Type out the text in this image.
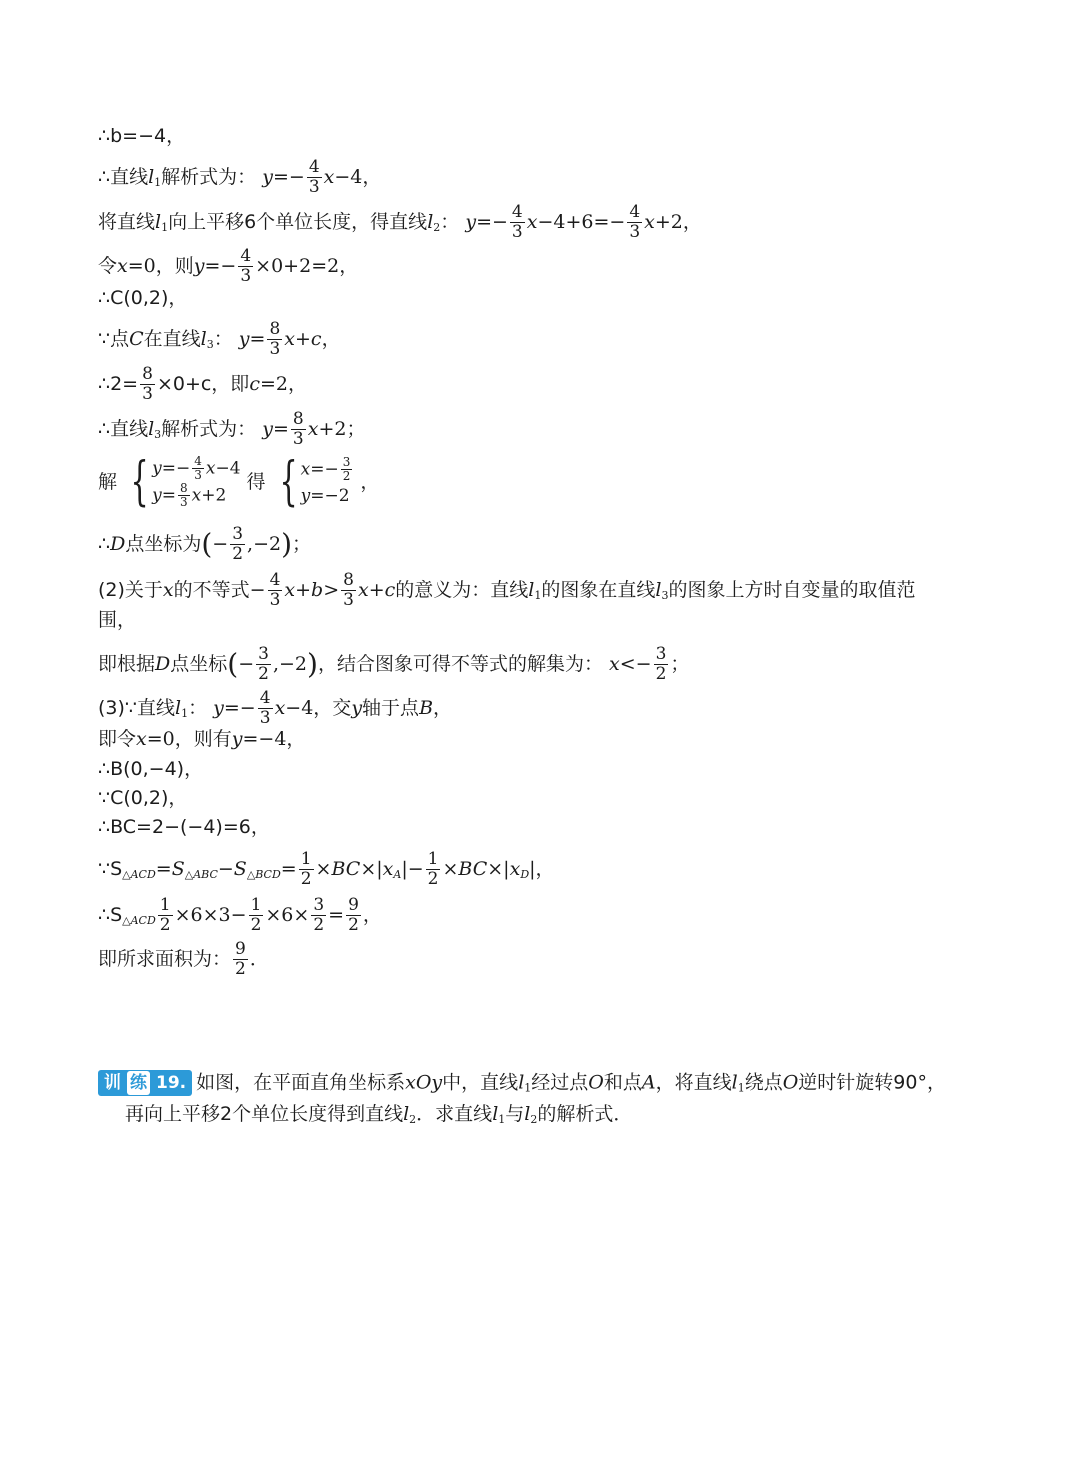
∴b=−4，
∴直线$l_1$解析式为： $y=- \frac{4}{3} x-4$，
将直线$l_1$向上平移6个单位长度，得直线$l_2$： $y=- \frac{4}{3} x-4+6=- \frac{4}{3} x+2$，
令x=0，则$y=- \frac{4}{3} \times 0+2=2$，
∴C(0,2)，
∵点C在直线$l_3$： $y= \frac{8}{3} x+c$，
∴2= $\frac{8}{3} \times 0+c$，即c=2，
∴直线$l_3$解析式为： $y= \frac{8}{3} x+2$；
解 { $y=- \frac{4}{3} x-4$
$y= \frac{8}{3} x+2$
得 { $x=- \frac{3}{2}$
y=−2
，
∴D点坐标为(− $\frac{3}{2} ,-2$)；
(2)关于x的不等式− $\frac{4}{3} x+b> \frac{8}{3} x+c$的意义为：直线$l_1$的图象在直线$l_3$的图象上方时自变量的取值范
围，
即根据D点坐标(− $\frac{3}{2} ,-2$)，结合图象可得不等式的解集为： $x<- \frac{3}{2}$ ；
(3)∵直线$l_1$： $y=- \frac{4}{3} x-4$，交y轴于点B，
即令x=0，则有y=−4，
∴B(0,−4)，
∵C(0,2)，
∴BC=2−(−4)=6，
$\because S_{\triangle ACD}=S_{\triangle ABC}-S_{\triangle BCD}= \frac{1}{2} \times BC\times|x_A|- \frac{1}{2} \times BC\times|x_D|$，
$\therefore S_{\triangle ACD} \frac{1}{2} \times 6\times 3- \frac{1}{2} \times 6\times \frac{3}{2} = \frac{9}{2}$ ，
即所求面积为： $\frac{9}{2}$ ．
训 练 19. 如图，在平面直角坐标系xOy中，直线$l_1$经过点O和点A，将直线$l_1$绕点O逆时针旋转90°，
再向上平移2个单位长度得到直线$l_2$．求直线$l_1$与$l_2$的解析式．
